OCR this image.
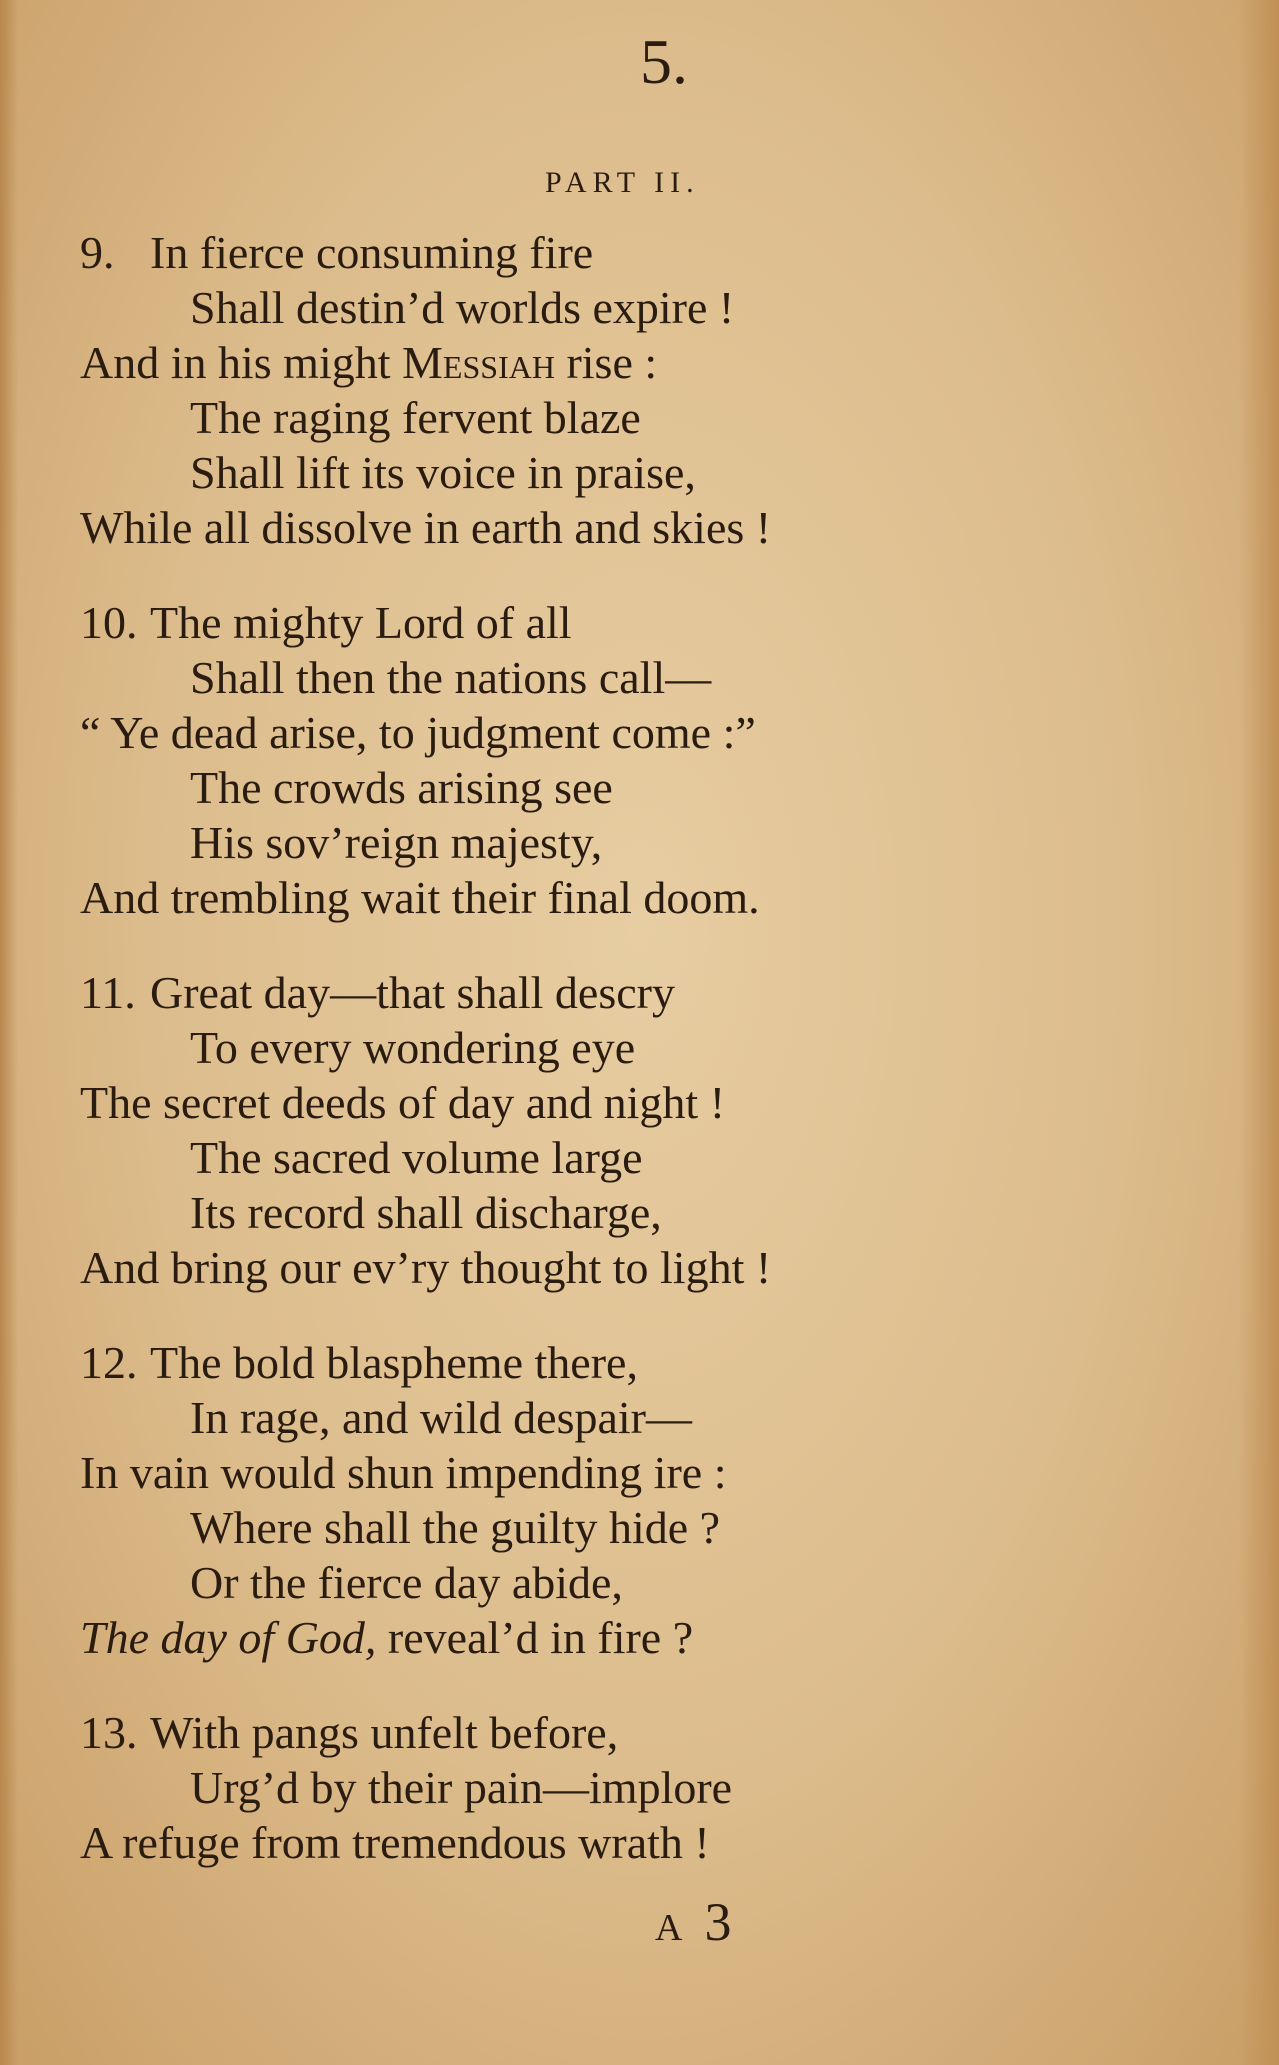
5.
PART II.
9. In fierce consuming fire
Shall destin’d worlds expire !
And in his might Messiah rise :
The raging fervent blaze
Shall lift its voice in praise,
While all dissolve in earth and skies !
10. The mighty Lord of all
Shall then the nations call—
“ Ye dead arise, to judgment come :”
The crowds arising see
His sov’reign majesty,
And trembling wait their final doom.
11. Great day—that shall descry
To every wondering eye
The secret deeds of day and night !
The sacred volume large
Its record shall discharge,
And bring our ev’ry thought to light !
12. The bold blaspheme there,
In rage, and wild despair—
In vain would shun impending ire :
Where shall the guilty hide ?
Or the fierce day abide,
The day of God, reveal’d in fire ?
13. With pangs unfelt before,
Urg’d by their pain—implore
A refuge from tremendous wrath !
A 3
